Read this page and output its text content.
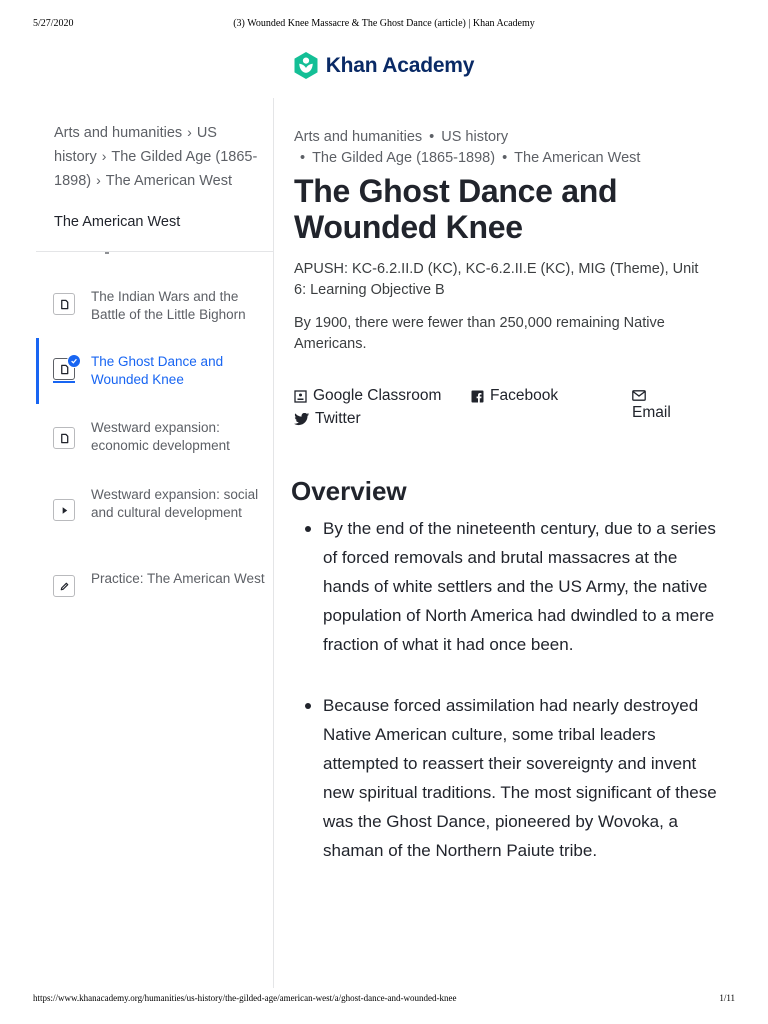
5/27/2020	(3) Wounded Knee Massacre & The Ghost Dance (article) | Khan Academy
Khan Academy
Arts and humanities › US history › The Gilded Age (1865-1898) › The American West
The American West
The Indian Wars and the Battle of the Little Bighorn
The Ghost Dance and Wounded Knee
Westward expansion: economic development
Westward expansion: social and cultural development
Practice: The American West
Arts and humanities • US history
• The Gilded Age (1865-1898) • The American West
The Ghost Dance and Wounded Knee
APUSH: KC‑6.2.II.D (KC), KC‑6.2.II.E (KC), MIG (Theme), Unit 6: Learning Objective B
By 1900, there were fewer than 250,000 remaining Native Americans.
Google Classroom	Facebook
Email
Twitter
Overview
By the end of the nineteenth century, due to a series of forced removals and brutal massacres at the hands of white settlers and the US Army, the native population of North America had dwindled to a mere fraction of what it had once been.
Because forced assimilation had nearly destroyed Native American culture, some tribal leaders attempted to reassert their sovereignty and invent new spiritual traditions. The most significant of these was the Ghost Dance, pioneered by Wovoka, a shaman of the Northern Paiute tribe.
https://www.khanacademy.org/humanities/us-history/the-gilded-age/american-west/a/ghost-dance-and-wounded-knee	1/11
